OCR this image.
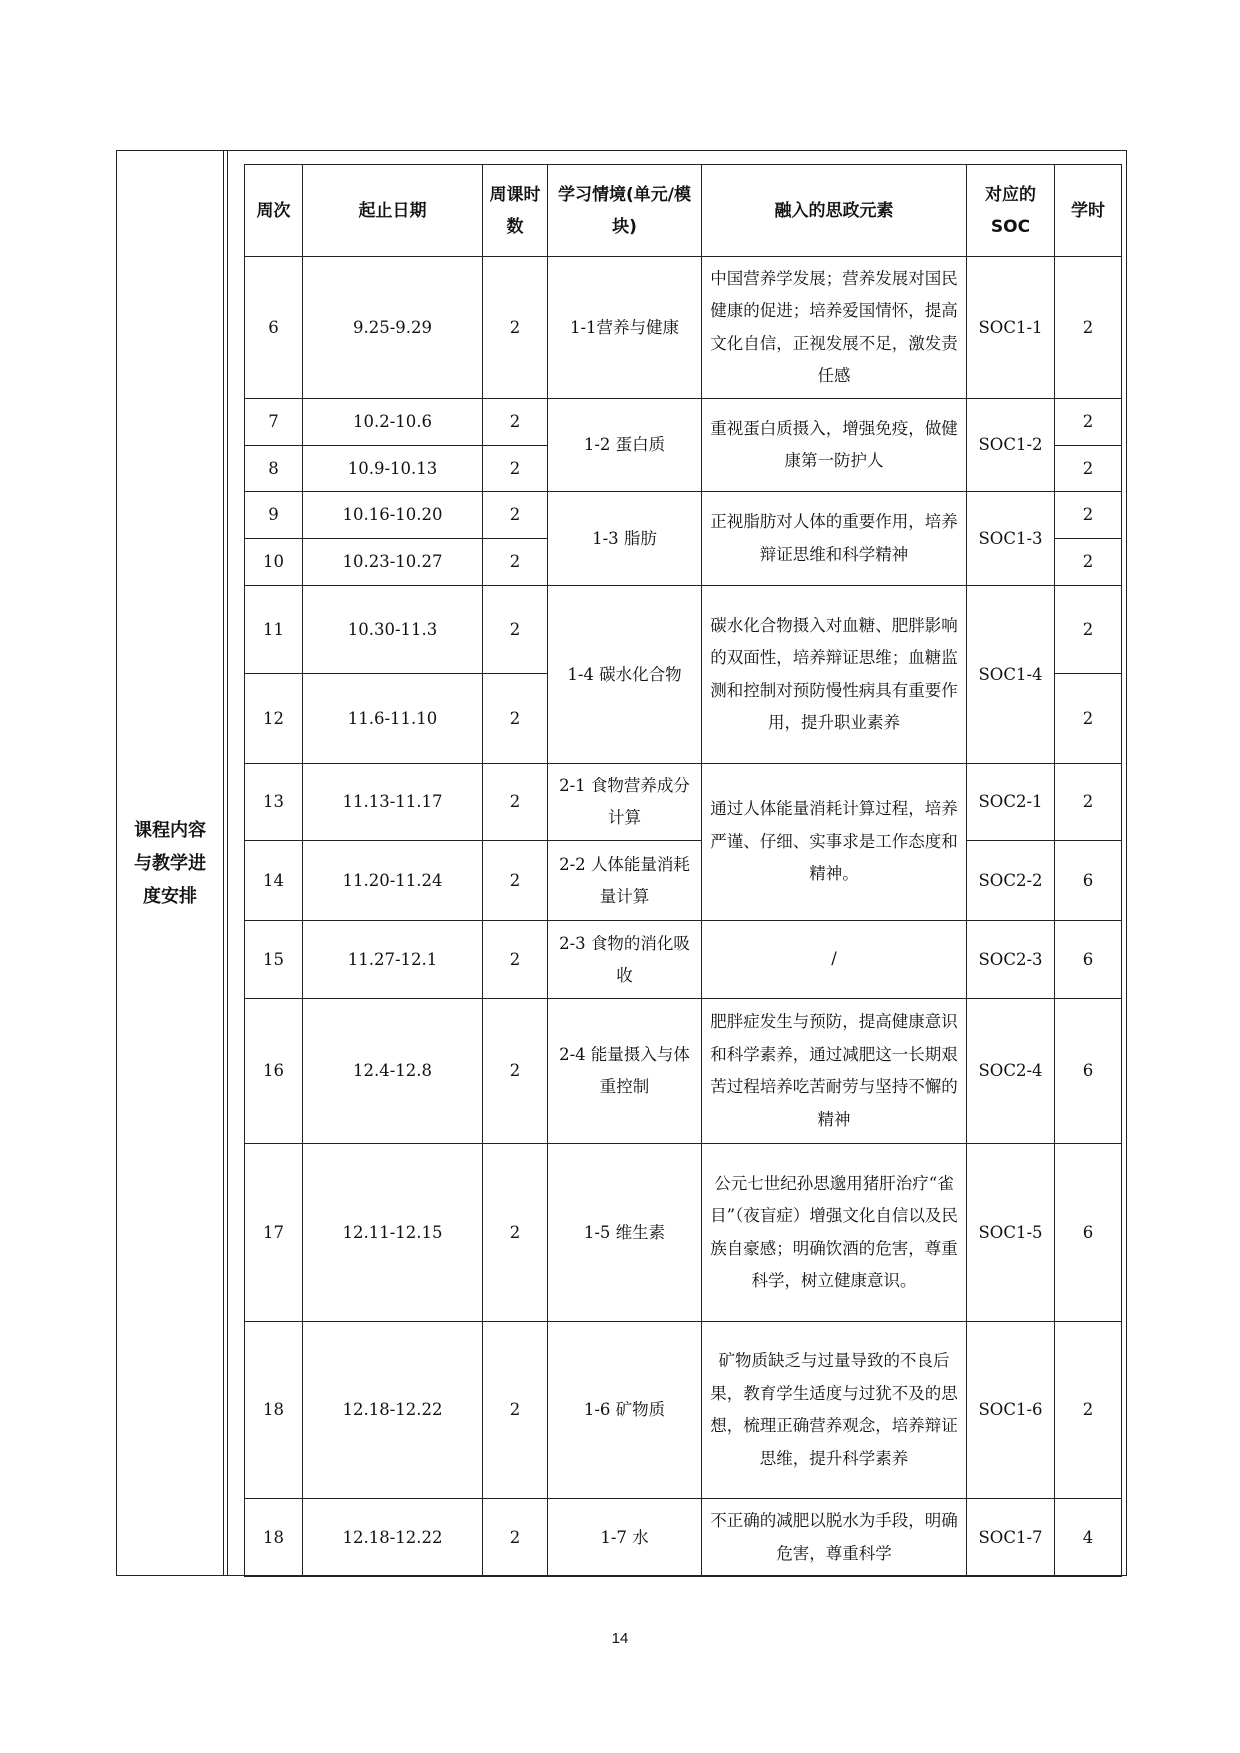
课程内容与教学进度安排
周次	起止日期	周课时数	学习情境(单元/模块)	融入的思政元素	对应的SOC	学时
6	9.25-9.29	2	1-1营养与健康	中国营养学发展；营养发展对国民健康的促进；培养爱国情怀，提高文化自信，正视发展不足，激发责任感	SOC1-1	2
7	10.2-10.6	2	1-2 蛋白质	重视蛋白质摄入，增强免疫，做健康第一防护人	SOC1-2	2
8	10.9-10.13	2				2
9	10.16-10.20	2	1-3 脂肪	正视脂肪对人体的重要作用，培养辩证思维和科学精神	SOC1-3	2
10	10.23-10.27	2				2
11	10.30-11.3	2	1-4 碳水化合物	碳水化合物摄入对血糖、肥胖影响的双面性，培养辩证思维；血糖监测和控制对预防慢性病具有重要作用，提升职业素养	SOC1-4	2
12	11.6-11.10	2				2
13	11.13-11.17	2	2-1 食物营养成分计算	通过人体能量消耗计算过程，培养严谨、仔细、实事求是工作态度和精神。	SOC2-1	2
14	11.20-11.24	2	2-2 人体能量消耗量计算		SOC2-2	6
15	11.27-12.1	2	2-3 食物的消化吸收	/	SOC2-3	6
16	12.4-12.8	2	2-4 能量摄入与体重控制	肥胖症发生与预防，提高健康意识和科学素养，通过减肥这一长期艰苦过程培养吃苦耐劳与坚持不懈的精神	SOC2-4	6
17	12.11-12.15	2	1-5 维生素	公元七世纪孙思邈用猪肝治疗“雀目”（夜盲症）增强文化自信以及民族自豪感；明确饮酒的危害，尊重科学，树立健康意识。	SOC1-5	6
18	12.18-12.22	2	1-6 矿物质	矿物质缺乏与过量导致的不良后果，教育学生适度与过犹不及的思想，梳理正确营养观念，培养辩证思维，提升科学素养	SOC1-6	2
18	12.18-12.22	2	1-7 水	不正确的减肥以脱水为手段，明确危害，尊重科学	SOC1-7	4
14
